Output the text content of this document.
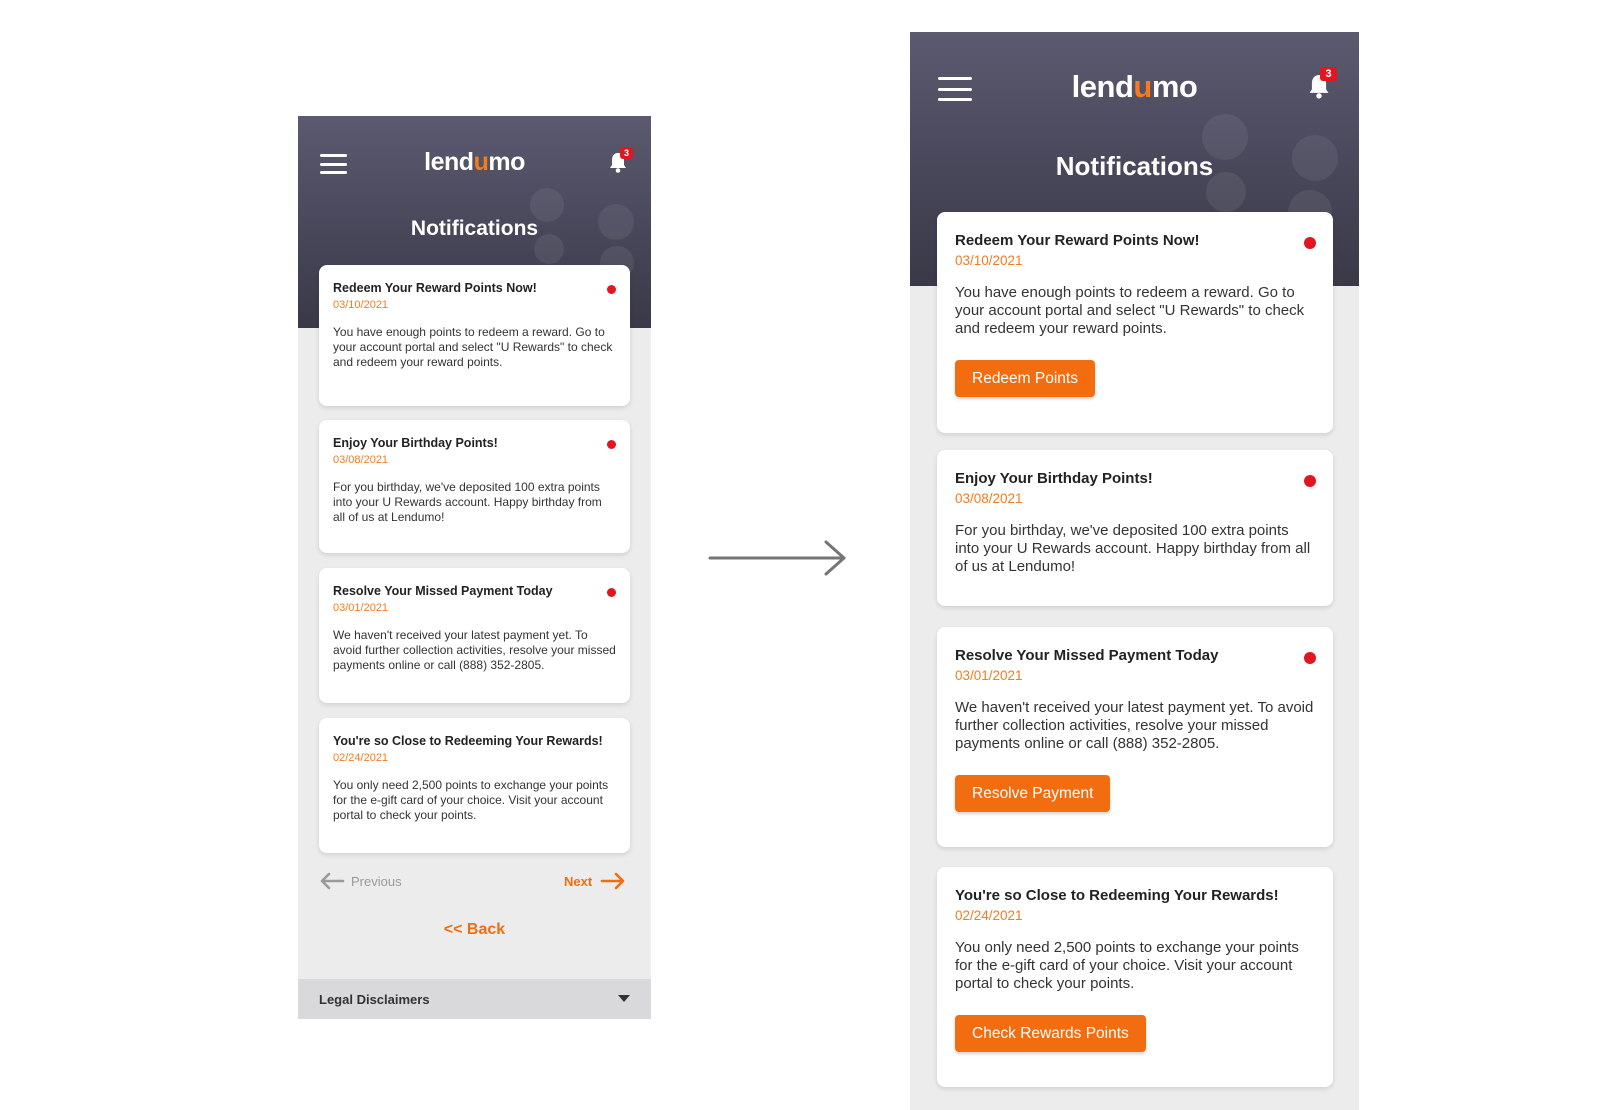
lendumo	3
Notifications
Redeem Your Reward Points Now!
03/10/2021
You have enough points to redeem a reward. Go to your account portal and select "U Rewards" to check and redeem your reward points.
Enjoy Your Birthday Points!
03/08/2021
For you birthday, we've deposited 100 extra points into your U Rewards account. Happy birthday from all of us at Lendumo!
Resolve Your Missed Payment Today
03/01/2021
We haven't received your latest payment yet. To avoid further collection activities, resolve your missed payments online or call (888) 352-2805.
You're so Close to Redeeming Your Rewards!
02/24/2021
You only need 2,500 points to exchange your points for the e-gift card of your choice. Visit your account portal to check your points.
Previous	Next
<< Back
Legal Disclaimers
lendumo	3
Notifications
Redeem Your Reward Points Now!
03/10/2021
You have enough points to redeem a reward. Go to your account portal and select "U Rewards" to check and redeem your reward points.
Redeem Points
Enjoy Your Birthday Points!
03/08/2021
For you birthday, we've deposited 100 extra points into your U Rewards account. Happy birthday from all of us at Lendumo!
Resolve Your Missed Payment Today
03/01/2021
We haven't received your latest payment yet. To avoid further collection activities, resolve your missed payments online or call (888) 352-2805.
Resolve Payment
You're so Close to Redeeming Your Rewards!
02/24/2021
You only need 2,500 points to exchange your points for the e-gift card of your choice. Visit your account portal to check your points.
Check Rewards Points
